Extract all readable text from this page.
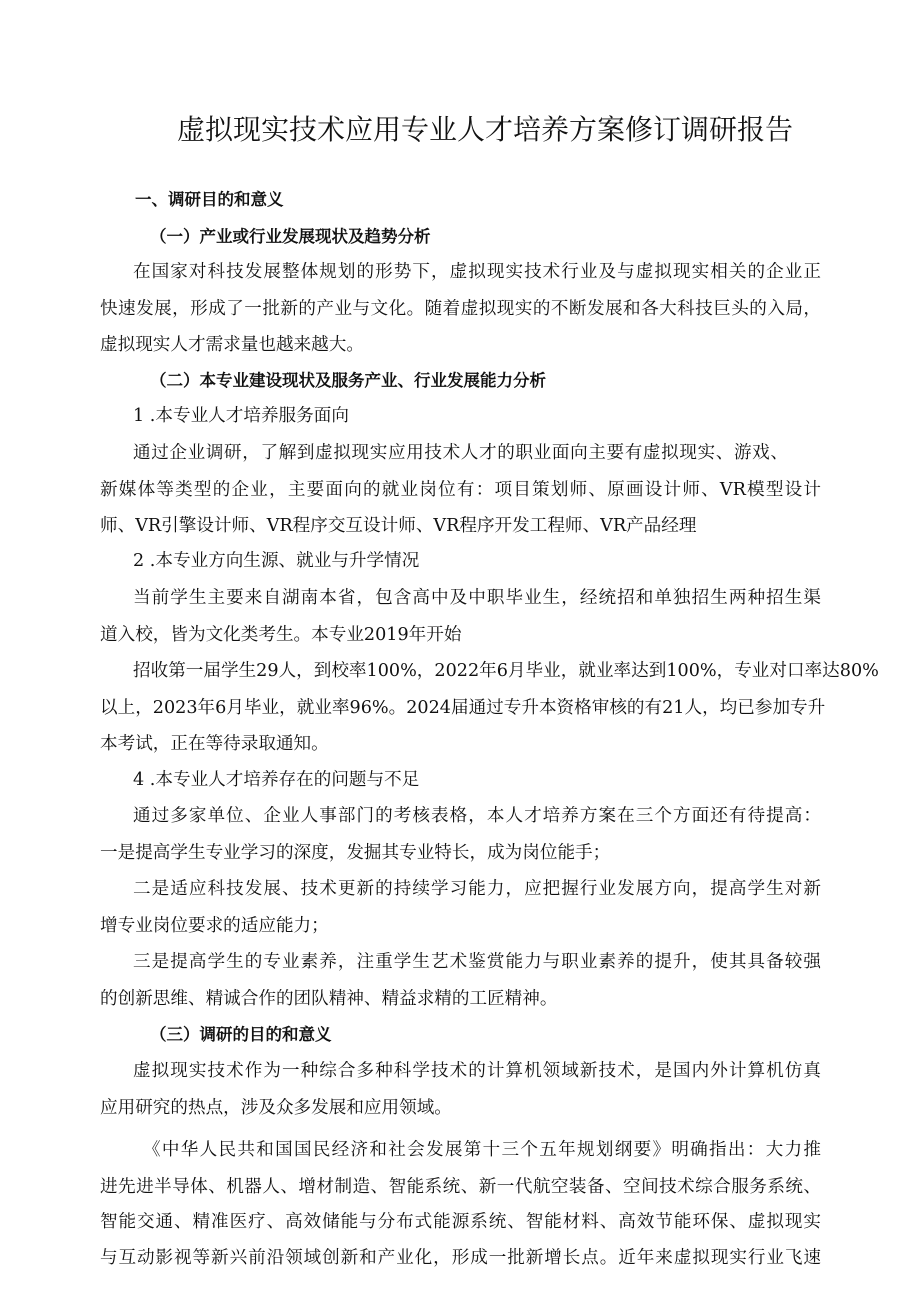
虚拟现实技术应用专业人才培养方案修订调研报告
一、调研目的和意义
（一）产业或行业发展现状及趋势分析
在国家对科技发展整体规划的形势下，虚拟现实技术行业及与虚拟现实相关的企业正
快速发展，形成了一批新的产业与文化。随着虚拟现实的不断发展和各大科技巨头的入局，
虚拟现实人才需求量也越来越大。
（二）本专业建设现状及服务产业、行业发展能力分析
1 .本专业人才培养服务面向
通过企业调研，了解到虚拟现实应用技术人才的职业面向主要有虚拟现实、游戏、
新媒体等类型的企业，主要面向的就业岗位有：项目策划师、原画设计师、VR模型设计
师、VR引擎设计师、VR程序交互设计师、VR程序开发工程师、VR产品经理
2 .本专业方向生源、就业与升学情况
当前学生主要来自湖南本省，包含高中及中职毕业生，经统招和单独招生两种招生渠
道入校，皆为文化类考生。本专业2019年开始
招收第一届学生29人，到校率100%，2022年6月毕业，就业率达到100%，专业对口率达80%
以上，2023年6月毕业，就业率96%。2024届通过专升本资格审核的有21人，均已参加专升
本考试，正在等待录取通知。
4 .本专业人才培养存在的问题与不足
通过多家单位、企业人事部门的考核表格，本人才培养方案在三个方面还有待提高：
一是提高学生专业学习的深度，发掘其专业特长，成为岗位能手；
二是适应科技发展、技术更新的持续学习能力，应把握行业发展方向，提高学生对新
增专业岗位要求的适应能力；
三是提高学生的专业素养，注重学生艺术鉴赏能力与职业素养的提升，使其具备较强
的创新思维、精诚合作的团队精神、精益求精的工匠精神。
（三）调研的目的和意义
虚拟现实技术作为一种综合多种科学技术的计算机领域新技术，是国内外计算机仿真
应用研究的热点，涉及众多发展和应用领域。
《中华人民共和国国民经济和社会发展第十三个五年规划纲要》明确指出：大力推
进先进半导体、机器人、增材制造、智能系统、新一代航空装备、空间技术综合服务系统、
智能交通、精准医疗、高效储能与分布式能源系统、智能材料、高效节能环保、虚拟现实
与互动影视等新兴前沿领域创新和产业化，形成一批新增长点。近年来虚拟现实行业飞速
